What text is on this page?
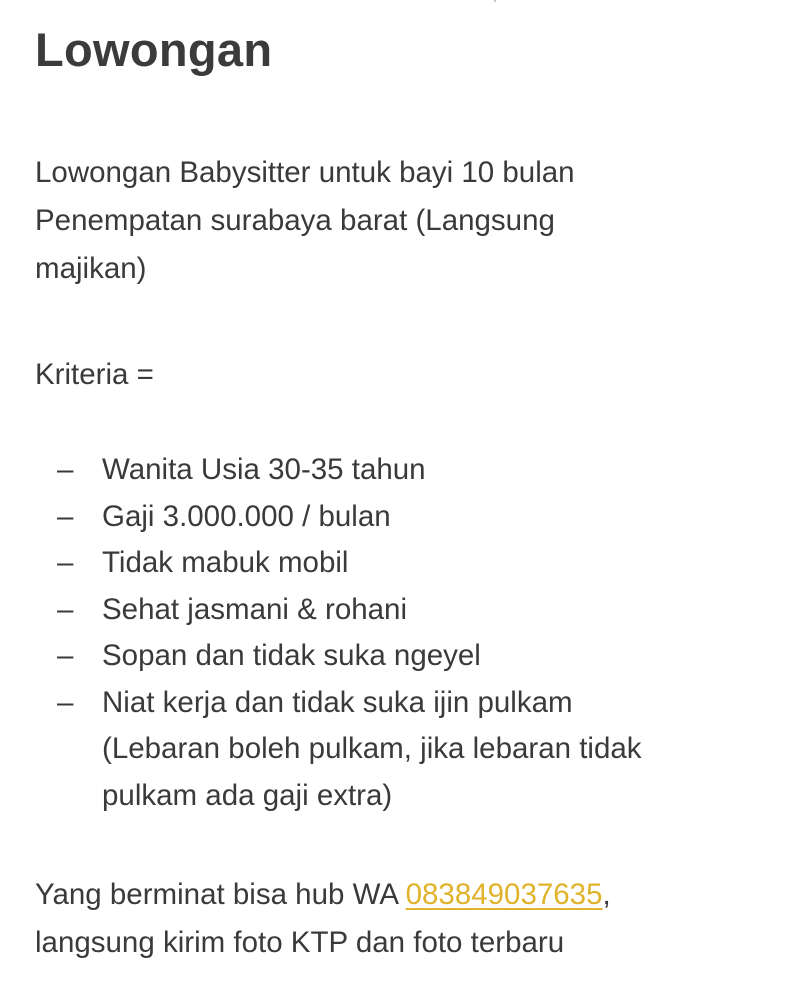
Lowongan

Lowongan Babysitter untuk bayi 10 bulan
Penempatan surabaya barat (Langsung
majikan)

Kriteria =

– Wanita Usia 30-35 tahun
– Gaji 3.000.000 / bulan
– Tidak mabuk mobil
– Sehat jasmani & rohani
– Sopan dan tidak suka ngeyel
– Niat kerja dan tidak suka ijin pulkam
(Lebaran boleh pulkam, jika lebaran tidak
pulkam ada gaji extra)

Yang berminat bisa hub WA 083849037635,
langsung kirim foto KTP dan foto terbaru
